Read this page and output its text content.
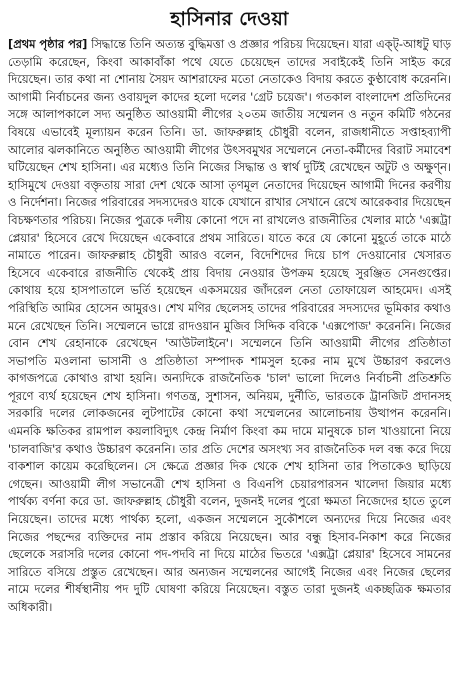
হাসিনার দেওয়া

[প্রথম পৃষ্ঠার পর] সিদ্ধান্তে তিনি অত্যন্ত বুদ্ধিমত্তা ও প্রজ্ঞার পরিচয় দিয়েছেন। যারা এক্ট্‌-আধটু ঘাড় তেড়ামি করেছেন, কিংবা আকাবাঁকা পথে যেতে চেয়েছেন তাদের সবাইকেই তিনি সাইড করে দিয়েছেন। তার কথা না শোনায় সৈয়দ আশরাফের মতো নেতাকেও বিদায় করতে কুণ্ঠাবোধ করেননি। আগামী নির্বাচনের জন্য ওবায়দুল কাদের হলো দলের 'গ্রেট চয়েজ'। গতকাল বাংলাদেশ প্রতিদিনের সঙ্গে আলাপকালে সদ্য অনুষ্ঠিত আওয়ামী লীগের ২০তম জাতীয় সম্মেলন ও নতুন কমিটি গঠনের বিষয়ে এভাবেই মূল্যায়ন করেন তিনি। ডা. জাফরুল্লাহ চৌধুরী বলেন, রাজধানীতে সপ্তাহব্যাপী আলোর ঝলকানিতে অনুষ্ঠিত আওয়ামী লীগের উৎসবমুখর সম্মেলনে নেতা-কর্মীদের বিরাট সমাবেশ ঘটিয়েছেন শেখ হাসিনা। এর মধ্যেও তিনি নিজের সিদ্ধান্ত ও স্বার্থ দুটিই রেখেছেন অটুট ও অক্ষুণ্ন। হাসিমুখে দেওয়া বক্তৃতায় সারা দেশ থেকে আসা তৃণমূল নেতাদের দিয়েছেন আগামী দিনের করণীয় ও নির্দেশনা। নিজের পরিবারের সদস্যদেরও যাকে যেখানে রাখার সেখানে রেখে আরেকবার দিয়েছেন বিচক্ষণতার পরিচয়। নিজের পুত্রকে দলীয় কোনো পদে না রাখলেও রাজনীতির খেলার মাঠে 'এক্সট্রা প্লেয়ার' হিসেবে রেখে দিয়েছেন একেবারে প্রথম সারিতে। যাতে করে যে কোনো মুহূর্তে তাকে মাঠে নামাতে পারেন। জাফরুল্লাহ চৌধুরী আরও বলেন, বিদেশিদের দিয়ে চাপ দেওয়ানোর খেসারত হিসেবে একেবারে রাজনীতি থেকেই প্রায় বিদায় নেওয়ার উপক্রম হয়েছে সুরঞ্জিত সেনগুপ্তের। কোথায় হয়ে হাসপাতালে ভর্তি হয়েছেন একসময়ের জাঁদরেল নেতা তোফায়েল আহমেদ। এসই পরিস্থিতি আমির হোসেন আমুরও। শেখ মণির ছেলেসহ তাদের পরিবারের সদস্যদের ভূমিকার কথাও মনে রেখেছেন তিনি। সম্মেলনে ভাগ্নে রাদওয়ান মুজিব সিদ্দিক ববিকে 'এক্সপোজ' করেননি। নিজের বোন শেখ রেহানাকে রেখেছেন 'আউটলাইনে'। সম্মেলনে তিনি আওয়ামী লীগের প্রতিষ্ঠাতা সভাপতি মওলানা ভাসানী ও প্রতিষ্ঠাতা সম্পাদক শামসুল হকের নাম মুখে উচ্চারণ করলেও কাগজপত্রে কোথাও রাখা হয়নি। অন্যদিকে রাজনৈতিক 'চাল' ভালো দিলেও নির্বাচনী প্রতিশ্রুতি পূরণে ব্যর্থ হয়েছেন শেখ হাসিনা। গণতন্ত্র, সুশাসন, অনিয়ম, দুর্নীতি, ভারতকে ট্রানজিট প্রদানসহ সরকারি দলের লোকজনের লুটপাটের কোনো কথা সম্মেলনের আলোচনায় উত্থাপন করেননি। এমনকি ক্ষতিকর রামপাল কয়লাবিদ্যুৎ কেন্দ্র নির্মাণ কিংবা কম দামে মানুষকে চাল খাওয়ানো নিয়ে 'চালবাজি'র কথাও উচ্চারণ করেননি। তার প্রতি দেশের অসংখ্য সব রাজনৈতিক দল বন্ধ করে দিয়ে বাকশাল কায়েম করেছিলেন। সে ক্ষেত্রে প্রজ্ঞার দিক থেকে শেখ হাসিনা তার পিতাকেও ছাড়িয়ে গেছেন। আওয়ামী লীগ সভানেত্রী শেখ হাসিনা ও বিএনপি চেয়ারপারসন খালেদা জিয়ার মধ্যে পার্থক্য বর্ণনা করে ডা. জাফরুল্লাহ চৌধুরী বলেন, দুজনই দলের পুরো ক্ষমতা নিজেদের হাতে তুলে নিয়েছেন। তাদের মধ্যে পার্থক্য হলো, একজন সম্মেলনে সুকৌশলে অন্যদের দিয়ে নিজের এবং নিজের পছন্দের ব্যক্তিদের নাম প্রস্তাব করিয়ে নিয়েছেন। আর বন্ধু হিসাব-নিকাশ করে নিজের ছেলেকে সরাসরি দলের কোনো পদ-পদবি না দিয়ে মাঠের ভিতরে 'এক্সট্রা প্লেয়ার' হিসেবে সামনের সারিতে বসিয়ে প্রস্তুত রেখেছেন। আর অন্যজন সম্মেলনের আগেই নিজের এবং নিজের ছেলের নামে দলের শীর্ষস্থানীয় পদ দুটি ঘোষণা করিয়ে নিয়েছেন। বস্তুত তারা দুজনই একচ্ছত্রিক ক্ষমতার অধিকারী।
